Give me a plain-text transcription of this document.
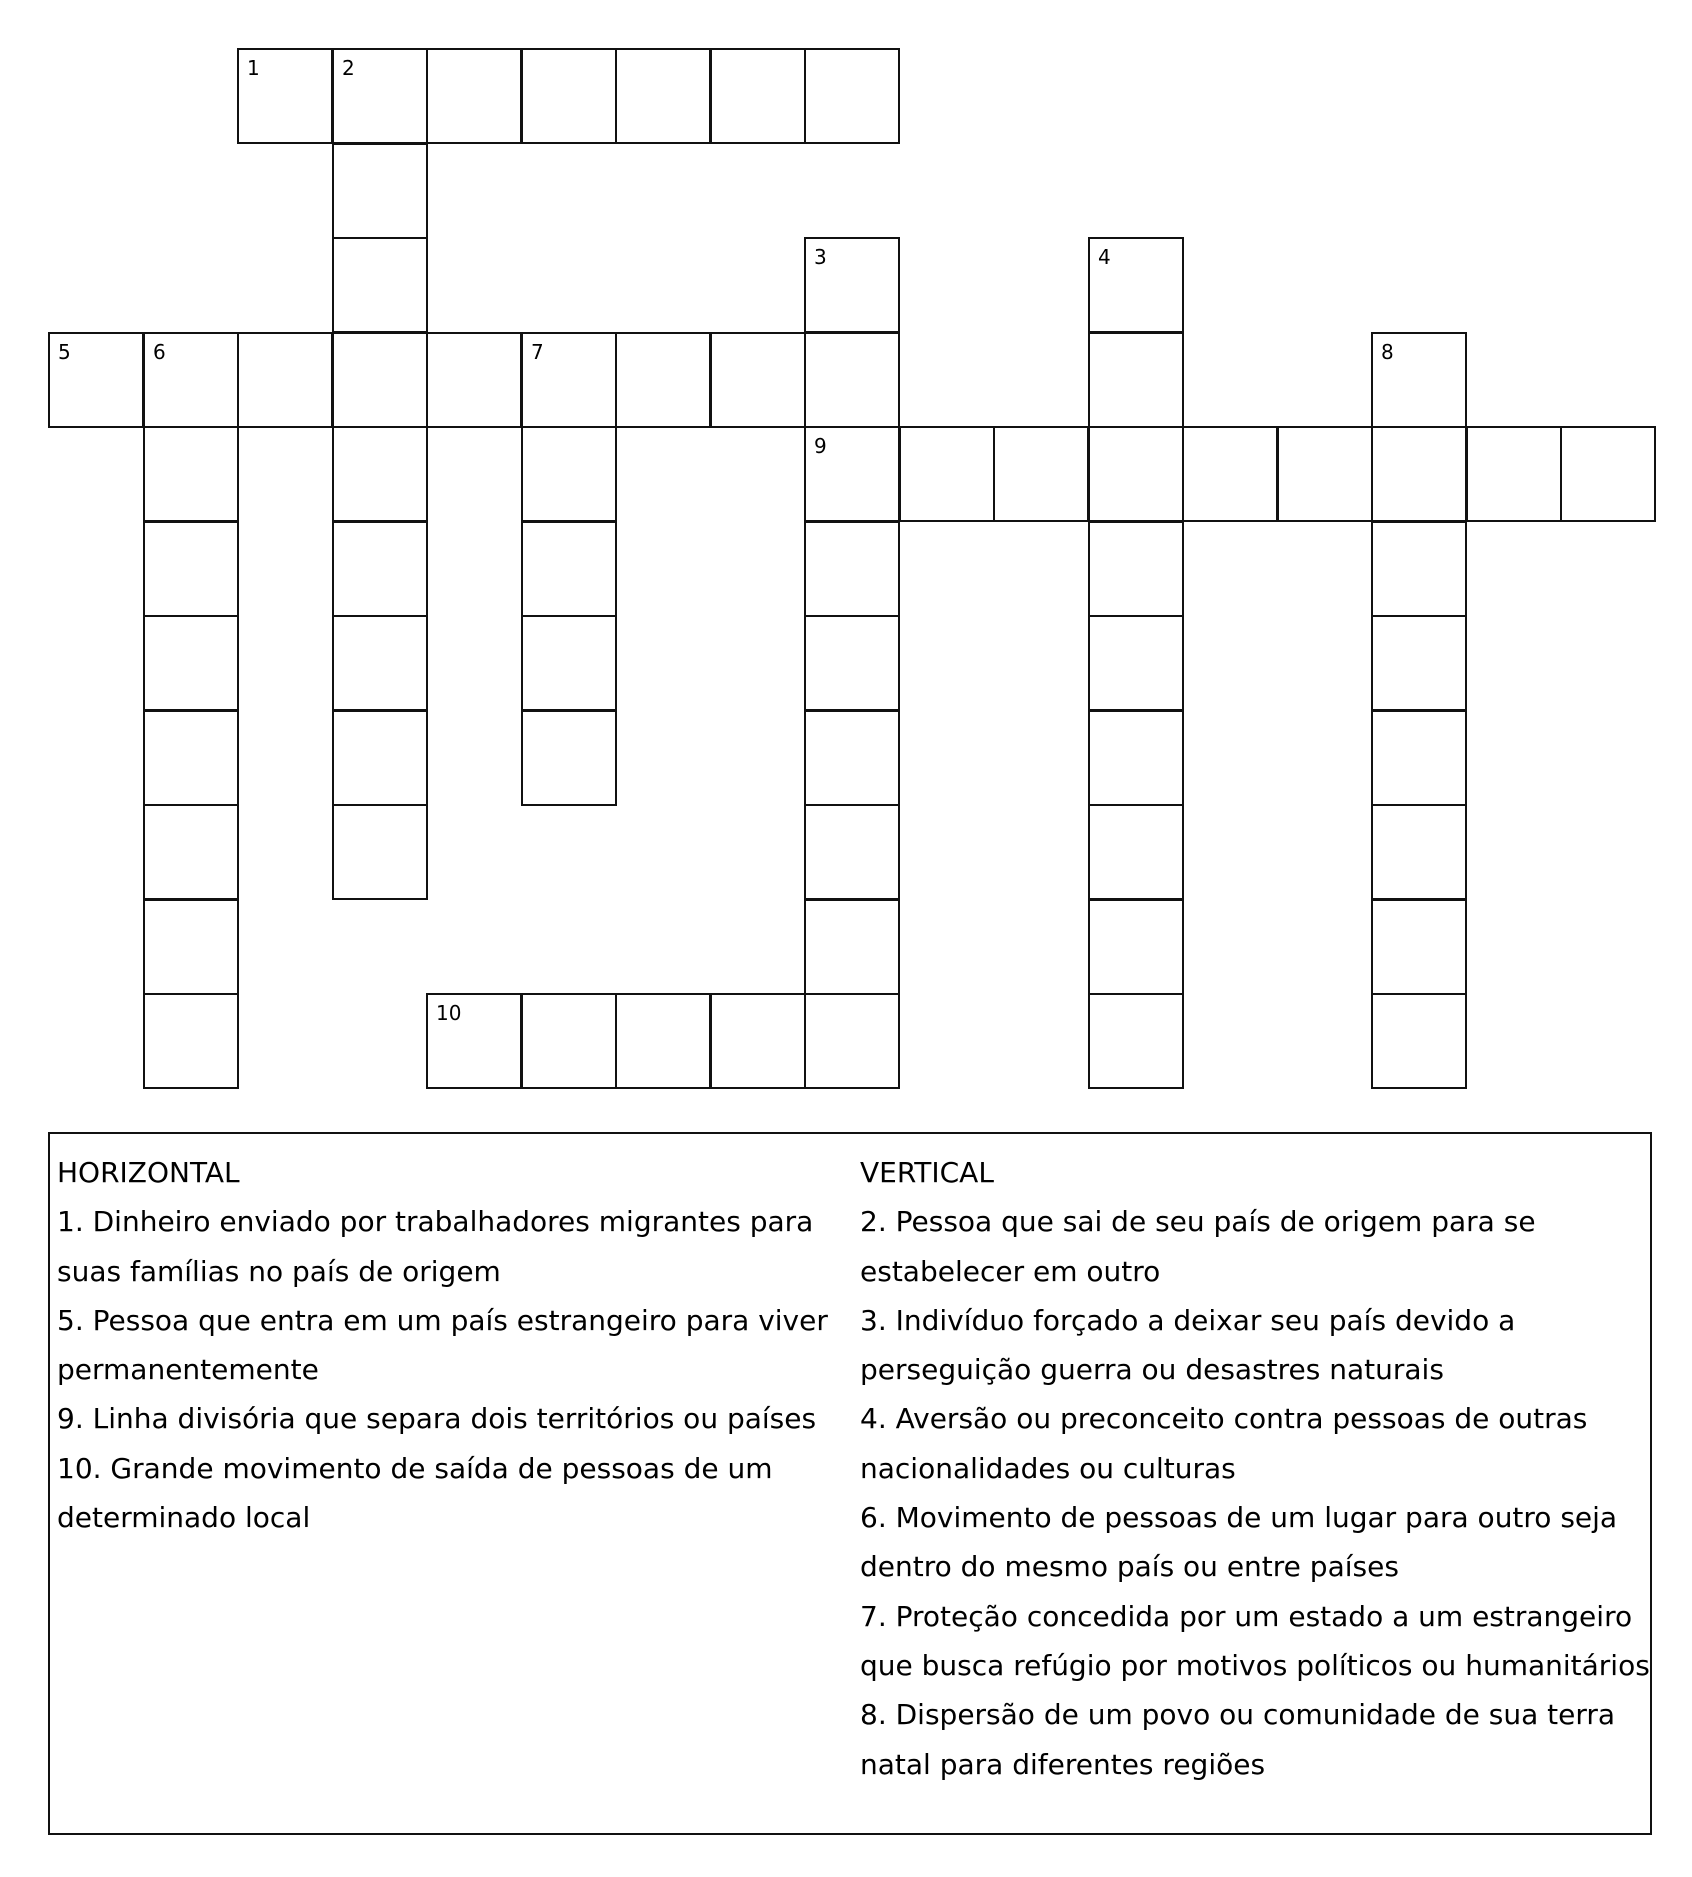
1	2
3
9
4
5	6	7	8
10
HORIZONTAL
1. Dinheiro enviado por trabalhadores migrantes para
suas famílias no país de origem
5. Pessoa que entra em um país estrangeiro para viver
permanentemente
9. Linha divisória que separa dois territórios ou países
10. Grande movimento de saída de pessoas de um
determinado local
VERTICAL
2. Pessoa que sai de seu país de origem para se
estabelecer em outro
3. Indivíduo forçado a deixar seu país devido a
perseguição guerra ou desastres naturais
4. Aversão ou preconceito contra pessoas de outras
nacionalidades ou culturas
6. Movimento de pessoas de um lugar para outro seja
dentro do mesmo país ou entre países
7. Proteção concedida por um estado a um estrangeiro
que busca refúgio por motivos políticos ou humanitários
8. Dispersão de um povo ou comunidade de sua terra
natal para diferentes regiões
